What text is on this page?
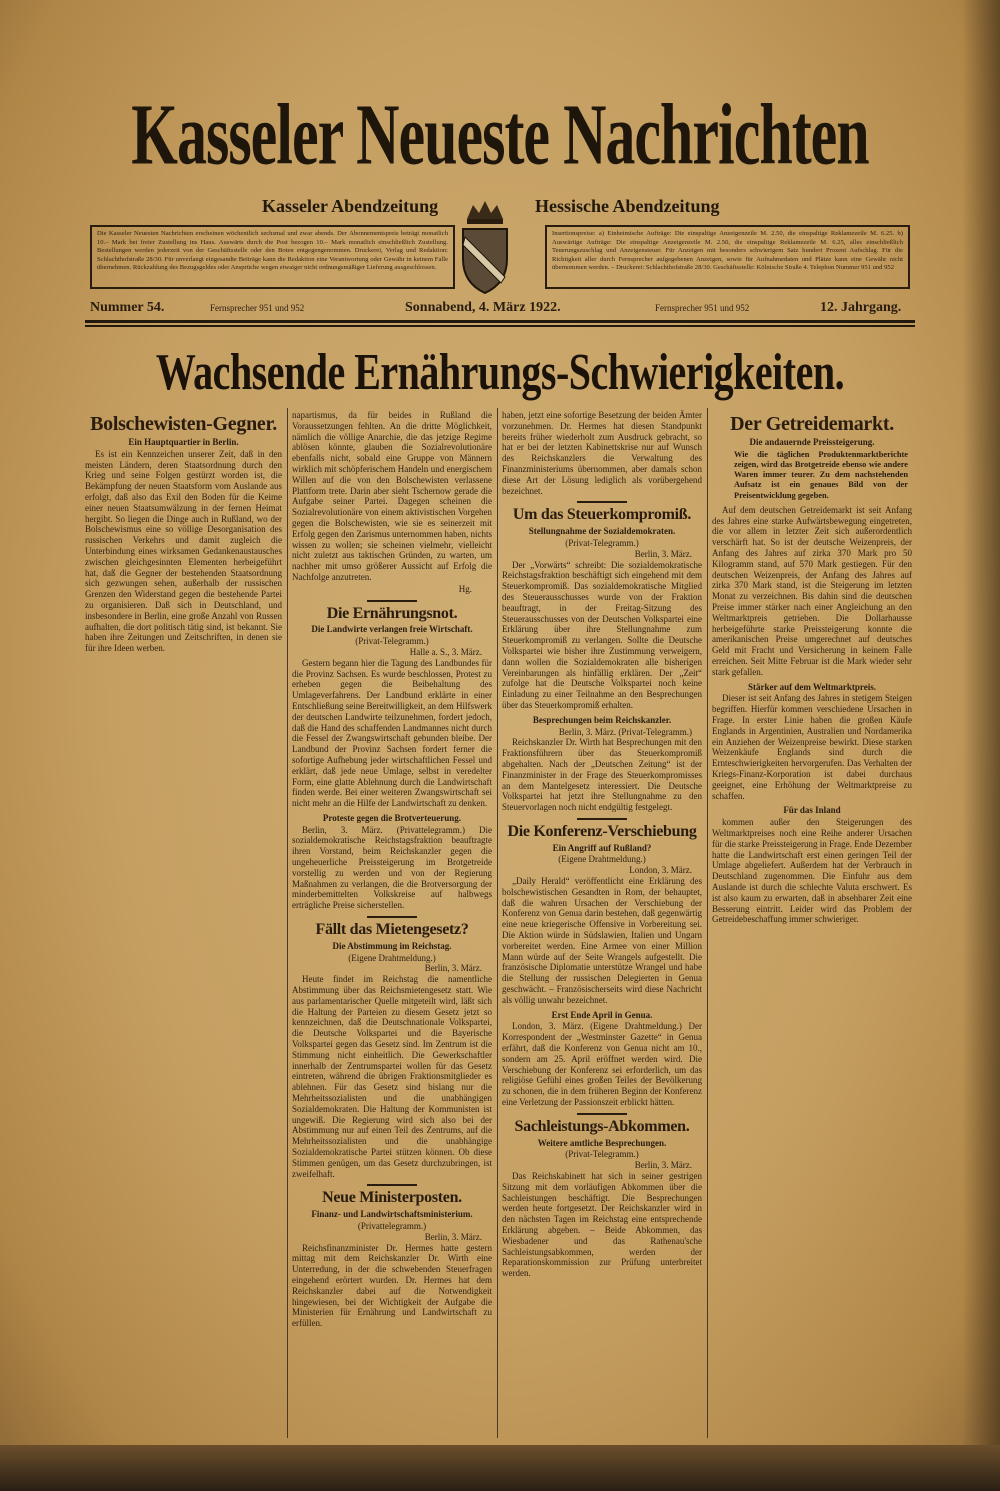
Kasseler Neueste Nachrichten
Kasseler Abendzeitung	Hessische Abendzeitung
Die Kasseler Neuesten Nachrichten erscheinen wöchentlich sechsmal und zwar abends. Der Abonnementspreis beträgt monatlich 10.– Mark bei freier Zustellung ins Haus. Auswärts durch die Post bezogen 10.– Mark monatlich einschließlich Zustellung. Bestellungen werden jederzeit von der Geschäftsstelle oder den Boten entgegengenommen. Druckerei, Verlag und Redaktion: Schlachthofstraße 28/30. Für unverlangt eingesandte Beiträge kann die Redaktion eine Verantwortung oder Gewähr in keinem Falle übernehmen. Rückzahlung des Bezugsgeldes oder Ansprüche wegen etwaiger nicht ordnungsmäßiger Lieferung ausgeschlossen.
Insertionspreise: a) Einheimische Aufträge: Die einspaltige Anzeigenzeile M. 2.50, die einspaltige Reklamezeile M. 6.25. b) Auswärtige Aufträge: Die einspaltige Anzeigenzeile M. 2.50, die einspaltige Reklamezeile M. 6.25, alles einschließlich Teuerungszuschlag und Anzeigensteuer. Für Anzeigen mit besonders schwierigem Satz hundert Prozent Aufschlag. Für die Richtigkeit aller durch Fernsprecher aufgegebenen Anzeigen, sowie für Aufnahmedaten und Plätze kann eine Gewähr nicht übernommen werden. – Druckerei: Schlachthofstraße 28/30. Geschäftsstelle: Kölnische Straße 4. Telephon Nummer 951 und 952
Nummer 54.	Fernsprecher 951 und 952	Sonnabend, 4. März 1922.	Fernsprecher 951 und 952	12. Jahrgang.
Wachsende Ernährungs-Schwierigkeiten.
Bolschewisten-Gegner.
Ein Hauptquartier in Berlin.

Es ist ein Kennzeichen unserer Zeit, daß in den meisten Ländern, deren Staatsordnung durch den Krieg und seine Folgen gestürzt worden ist, die Bekämpfung der neuen Staatsform vom Auslande aus erfolgt, daß also das Exil den Boden für die Keime einer neuen Staatsumwälzung in der fernen Heimat hergibt. So liegen die Dinge auch in Rußland, wo der Bolschewismus eine so völlige Desorganisation des russischen Verkehrs und damit zugleich die Unterbindung eines wirksamen Gedankenaustausches zwischen gleichgesinnten Elementen herbeigeführt hat, daß die Gegner der bestehenden Staatsordnung sich gezwungen sehen, außerhalb der russischen Grenzen den Widerstand gegen die bestehende Partei zu organisieren. Daß sich in Deutschland, und insbesondere in Berlin, eine große Anzahl von Russen aufhalten, die dort politisch tätig sind, ist bekannt. Sie haben ihre Zeitungen und Zeitschriften, in denen sie für ihre Ideen werben.

napartismus, da für beides in Rußland die Voraussetzungen fehlten. An die dritte Möglichkeit, nämlich die völlige Anarchie, die das jetzige Regime ablösen könnte, glauben die Sozialrevolutionäre ebenfalls nicht, sobald eine Gruppe von Männern wirklich mit schöpferischem Handeln und energischem Willen auf die von den Bolschewisten verlassene Plattform trete. Darin aber sieht Tschernow gerade die Aufgabe seiner Partei. Dagegen scheinen die Sozialrevolutionäre von einem aktivistischen Vorgehen gegen die Bolschewisten, wie sie es seinerzeit mit Erfolg gegen den Zarismus unternommen haben, nichts wissen zu wollen; sie scheinen vielmehr, vielleicht nicht zuletzt aus taktischen Gründen, zu warten, um nachher mit umso größerer Aussicht auf Erfolg die Nachfolge anzutreten.

Hg.
Die Ernährungsnot.
Die Landwirte verlangen freie Wirtschaft.
(Privat-Telegramm.)
Halle a. S., 3. März.

Gestern begann hier die Tagung des Landbundes für die Provinz Sachsen. Es wurde beschlossen, Protest zu erheben gegen die Beibehaltung des Umlageverfahrens. Der Landbund erklärte in einer Entschließung seine Bereitwilligkeit, an dem Hilfswerk der deutschen Landwirte teilzunehmen, fordert jedoch, daß die Hand des schaffenden Landmannes nicht durch die Fessel der Zwangswirtschaft gebunden bleibe. Der Landbund der Provinz Sachsen fordert ferner die sofortige Aufhebung jeder wirtschaftlichen Fessel und erklärt, daß jede neue Umlage, selbst in veredelter Form, eine glatte Ablehnung durch die Landwirtschaft finden werde. Bei einer weiteren Zwangswirtschaft sei nicht mehr an die Hilfe der Landwirtschaft zu denken.

Proteste gegen die Brotverteuerung.

Berlin, 3. März. (Privattelegramm.) Die sozialdemokratische Reichstagsfraktion beauftragte ihren Vorstand, beim Reichskanzler gegen die ungeheuerliche Preissteigerung im Brotgetreide vorstellig zu werden und von der Regierung Maßnahmen zu verlangen, die die Brotversorgung der minderbemittelten Volkskreise auf halbwegs erträgliche Preise sicherstellen.

Fällt das Mietengesetz?
Die Abstimmung im Reichstag.
(Eigene Drahtmeldung.)
Berlin, 3. März.

Heute findet im Reichstag die namentliche Abstimmung über das Reichsmietengesetz statt. Wie aus parlamentarischer Quelle mitgeteilt wird, läßt sich die Haltung der Parteien zu diesem Gesetz jetzt so kennzeichnen, daß die Deutschnationale Volkspartei, die Deutsche Volkspartei und die Bayerische Volkspartei gegen das Gesetz sind. Im Zentrum ist die Stimmung nicht einheitlich. Die Gewerkschaftler innerhalb der Zentrumspartei wollen für das Gesetz eintreten, während die übrigen Fraktionsmitglieder es ablehnen. Für das Gesetz sind bislang nur die Mehrheitssozialisten und die unabhängigen Sozialdemokraten. Die Haltung der Kommunisten ist ungewiß. Die Regierung wird sich also bei der Abstimmung nur auf einen Teil des Zentrums, auf die Mehrheitssozialisten und die unabhängige Sozialdemokratische Partei stützen können. Ob diese Stimmen genügen, um das Gesetz durchzubringen, ist zweifelhaft.

Neue Ministerposten.
Finanz- und Landwirtschaftsministerium.
(Privattelegramm.)
Berlin, 3. März.

Reichsfinanzminister Dr. Hermes hatte gestern mittag mit dem Reichskanzler Dr. Wirth eine Unterredung, in der die schwebenden Steuerfragen eingehend erörtert wurden. Dr. Hermes hat dem Reichskanzler dabei auf die Notwendigkeit hingewiesen, bei der Wichtigkeit der Aufgabe die Ministerien für Ernährung und Landwirtschaft zu erfüllen.

haben, jetzt eine sofortige Besetzung der beiden Ämter vorzunehmen. Dr. Hermes hat diesen Standpunkt bereits früher wiederholt zum Ausdruck gebracht, so hat er bei der letzten Kabinettskrise nur auf Wunsch des Reichskanzlers die Verwaltung des Finanzministeriums übernommen, aber damals schon diese Art der Lösung lediglich als vorübergehend bezeichnet.

Um das Steuerkompromiß.
Stellungnahme der Sozialdemokraten.
(Privat-Telegramm.)
Berlin, 3. März.

Der „Vorwärts“ schreibt: Die sozialdemokratische Reichstagsfraktion beschäftigt sich eingehend mit dem Steuerkompromiß. Das sozialdemokratische Mitglied des Steuerausschusses wurde von der Fraktion beauftragt, in der Freitag-Sitzung des Steuerausschusses von der Deutschen Volkspartei eine Erklärung über ihre Stellungnahme zum Steuerkompromiß zu verlangen. Sollte die Deutsche Volkspartei wie bisher ihre Zustimmung verweigern, dann wollen die Sozialdemokraten alle bisherigen Vereinbarungen als hinfällig erklären. Der „Zeit“ zufolge hat die Deutsche Volkspartei noch keine Einladung zu einer Teilnahme an den Besprechungen über das Steuerkompromiß erhalten.

Besprechungen beim Reichskanzler.
Berlin, 3. März. (Privat-Telegramm.)

Reichskanzler Dr. Wirth hat Besprechungen mit den Fraktionsführern über das Steuerkompromiß abgehalten. Nach der „Deutschen Zeitung“ ist der Finanzminister in der Frage des Steuerkompromisses an dem Mantelgesetz interessiert. Die Deutsche Volkspartei hat jetzt ihre Stellungnahme zu den Steuervorlagen noch nicht endgültig festgelegt.

Die Konferenz-Verschiebung
Ein Angriff auf Rußland?
(Eigene Drahtmeldung.)
London, 3. März.

„Daily Herald“ veröffentlicht eine Erklärung des bolschewistischen Gesandten in Rom, der behauptet, daß die wahren Ursachen der Verschiebung der Konferenz von Genua darin bestehen, daß gegenwärtig eine neue kriegerische Offensive in Vorbereitung sei. Die Aktion würde in Südslawien, Italien und Ungarn vorbereitet werden. Eine Armee von einer Million Mann würde auf der Seite Wrangels aufgestellt. Die französische Diplomatie unterstütze Wrangel und habe die Stellung der russischen Delegierten in Genua geschwächt. – Französischerseits wird diese Nachricht als völlig unwahr bezeichnet.

Erst Ende April in Genua.

London, 3. März. (Eigene Drahtmeldung.) Der Korrespondent der „Westminster Gazette“ in Genua erfährt, daß die Konferenz von Genua nicht am 10., sondern am 25. April eröffnet werden wird. Die Verschiebung der Konferenz sei erforderlich, um das religiöse Gefühl eines großen Teiles der Bevölkerung zu schonen, die in dem früheren Beginn der Konferenz eine Verletzung der Passionszeit erblickt hätten.

Sachleistungs-Abkommen.
Weitere amtliche Besprechungen.
(Privat-Telegramm.)
Berlin, 3. März.

Das Reichskabinett hat sich in seiner gestrigen Sitzung mit dem vorläufigen Abkommen über die Sachleistungen beschäftigt. Die Besprechungen werden heute fortgesetzt. Der Reichskanzler wird in den nächsten Tagen im Reichstag eine entsprechende Erklärung abgeben. – Beide Abkommen, das Wiesbadener und das Rathenau'sche Sachleistungsabkommen, werden der Reparationskommission zur Prüfung unterbreitet werden.

Der Getreidemarkt.
Die andauernde Preissteigerung.
Wie die täglichen Produktenmarktberichte zeigen, wird das Brotgetreide ebenso wie andere Waren immer teurer. Zu dem nachstehenden Aufsatz ist ein genaues Bild von der Preisentwicklung gegeben.

Auf dem deutschen Getreidemarkt ist seit Anfang des Jahres eine starke Aufwärtsbewegung eingetreten, die vor allem in letzter Zeit sich außerordentlich verschärft hat. So ist der deutsche Weizenpreis, der Anfang des Jahres auf zirka 370 Mark pro 50 Kilogramm stand, auf 570 Mark gestiegen. Für den deutschen Weizenpreis, der Anfang des Jahres auf zirka 370 Mark stand, ist die Steigerung im letzten Monat zu verzeichnen. Bis dahin sind die deutschen Preise immer stärker nach einer Angleichung an den Weltmarktpreis getrieben. Die Dollarhausse herbeigeführte starke Preissteigerung konnte die amerikanischen Preise umgerechnet auf deutsches Geld mit Fracht und Versicherung in keinem Falle erreichen. Seit Mitte Februar ist die Mark wieder sehr stark gefallen.

Stärker auf dem Weltmarktpreis.

Dieser ist seit Anfang des Jahres in stetigem Steigen begriffen. Hierfür kommen verschiedene Ursachen in Frage. In erster Linie haben die großen Käufe Englands in Argentinien, Australien und Nordamerika ein Anziehen der Weizenpreise bewirkt. Diese starken Weizenkäufe Englands sind durch die Ernteschwierigkeiten hervorgerufen. Das Verhalten der Kriegs-Finanz-Korporation ist dabei durchaus geeignet, eine Erhöhung der Weltmarktpreise zu schaffen.

Für das Inland

kommen außer den Steigerungen des Weltmarktpreises noch eine Reihe anderer Ursachen für die starke Preissteigerung in Frage. Ende Dezember hatte die Landwirtschaft erst einen geringen Teil der Umlage abgeliefert. Außerdem hat der Verbrauch in Deutschland zugenommen. Die Einfuhr aus dem Auslande ist durch die schlechte Valuta erschwert. Es ist also kaum zu erwarten, daß in absehbarer Zeit eine Besserung eintritt. Leider wird das Problem der Getreidebeschaffung immer schwieriger.
